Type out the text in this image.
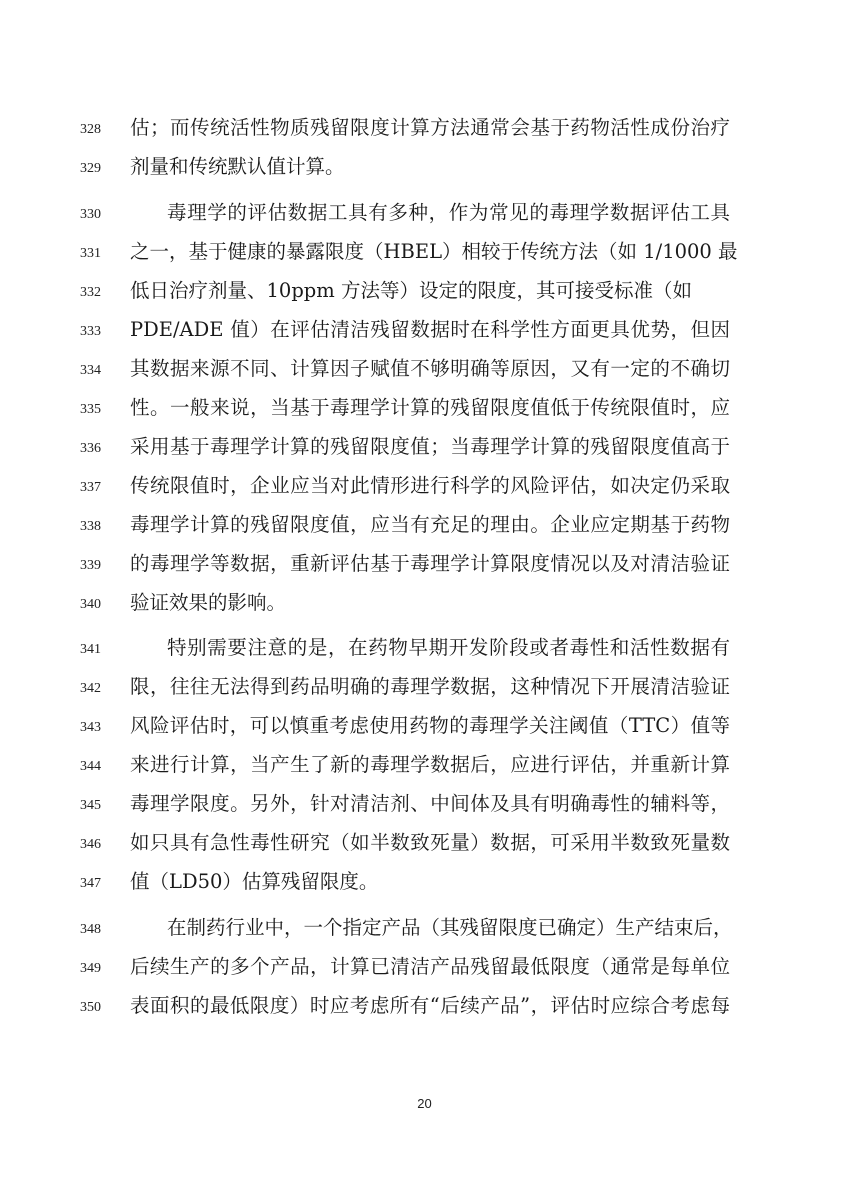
328 估；而传统活性物质残留限度计算方法通常会基于药物活性成份治疗
329 剂量和传统默认值计算。
330	毒理学的评估数据工具有多种，作为常见的毒理学数据评估工具
331 之一，基于健康的暴露限度（HBEL）相较于传统方法（如 1/1000 最
332 低日治疗剂量、10ppm 方法等）设定的限度，其可接受标准（如
333 PDE/ADE 值）在评估清洁残留数据时在科学性方面更具优势，但因
334 其数据来源不同、计算因子赋值不够明确等原因，又有一定的不确切
335 性。一般来说，当基于毒理学计算的残留限度值低于传统限值时，应
336 采用基于毒理学计算的残留限度值；当毒理学计算的残留限度值高于
337 传统限值时，企业应当对此情形进行科学的风险评估，如决定仍采取
338 毒理学计算的残留限度值，应当有充足的理由。企业应定期基于药物
339 的毒理学等数据，重新评估基于毒理学计算限度情况以及对清洁验证
340 验证效果的影响。
341	特别需要注意的是，在药物早期开发阶段或者毒性和活性数据有
342 限，往往无法得到药品明确的毒理学数据，这种情况下开展清洁验证
343 风险评估时，可以慎重考虑使用药物的毒理学关注阈值（TTC）值等
344 来进行计算，当产生了新的毒理学数据后，应进行评估，并重新计算
345 毒理学限度。另外，针对清洁剂、中间体及具有明确毒性的辅料等，
346 如只具有急性毒性研究（如半数致死量）数据，可采用半数致死量数
347 值（LD50）估算残留限度。
348	在制药行业中，一个指定产品（其残留限度已确定）生产结束后，
349 后续生产的多个产品，计算已清洁产品残留最低限度（通常是每单位
350 表面积的最低限度）时应考虑所有“后续产品”，评估时应综合考虑每
20
